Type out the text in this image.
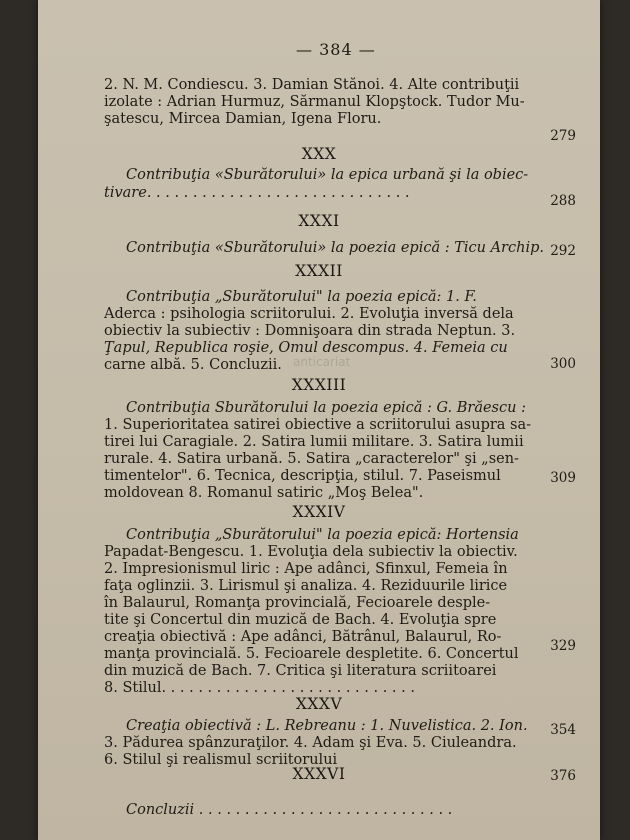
— 384 —
anticariat
2. N. M. Condiescu. 3. Damian Stănoi. 4. Alte contribuţii
izolate : Adrian Hurmuz, Sărmanul Klopştock. Tudor Mu-
şatescu, Mircea Damian, Igena Floru.
279
XXX
Contribuţia «Sburătorului» la epica urbană şi la obiec-
tivare. . . . . . . . . . . . . . . . . . . . . . . . . . . . .	288
XXXI
Contribuţia «Sburătorului» la poezia epică : Ticu Archip. 292
XXXII
Contribuţia „Sburătorului" la poezia epică: 1. F.
Aderca : psihologia scriitorului. 2. Evoluţia inversă dela
obiectiv la subiectiv : Domnişoara din strada Neptun. 3.
Ţapul, Republica roşie, Omul descompus. 4. Femeia cu
carne albă. 5. Concluzii.	300
XXXIII
Contribuţia Sburătorului la poezia epică : G. Brăescu :
1. Superioritatea satirei obiective a scriitorului asupra sa-
tirei lui Caragiale. 2. Satira lumii militare. 3. Satira lumii
rurale. 4. Satira urbană. 5. Satira „caracterelor" şi „sen-
timentelor". 6. Tecnica, descripţia, stilul. 7. Paseismul
moldovean 8. Romanul satiric „Moş Belea".
309
XXXIV
Contribuţia „Sburătorului" la poezia epică: Hortensia
Papadat-Bengescu. 1. Evoluţia dela subiectiv la obiectiv.
2. Impresionismul liric : Ape adânci, Sfinxul, Femeia în
faţa oglinzii. 3. Lirismul şi analiza. 4. Reziduurile lirice
în Balaurul, Romanţa provincială, Fecioarele desple-
tite şi Concertul din muzică de Bach. 4. Evoluţia spre
creaţia obiectivă : Ape adânci, Bătrânul, Balaurul, Ro-
manţa provincială. 5. Fecioarele despletite. 6. Concertul
din muzică de Bach. 7. Critica şi literatura scriitoarei
8. Stilul. . . . . . . . . . . . . . . . . . . . . . . . . . . .
329
XXXV
Creaţia obiectivă : L. Rebreanu : 1. Nuvelistica. 2. Ion.
3. Pădurea spânzuraţilor. 4. Adam şi Eva. 5. Ciuleandra.
6. Stilul şi realismul scriitorului
354
XXXVI
Concluzii . . . . . . . . . . . . . . . . . . . . . . . . . . . .
376
